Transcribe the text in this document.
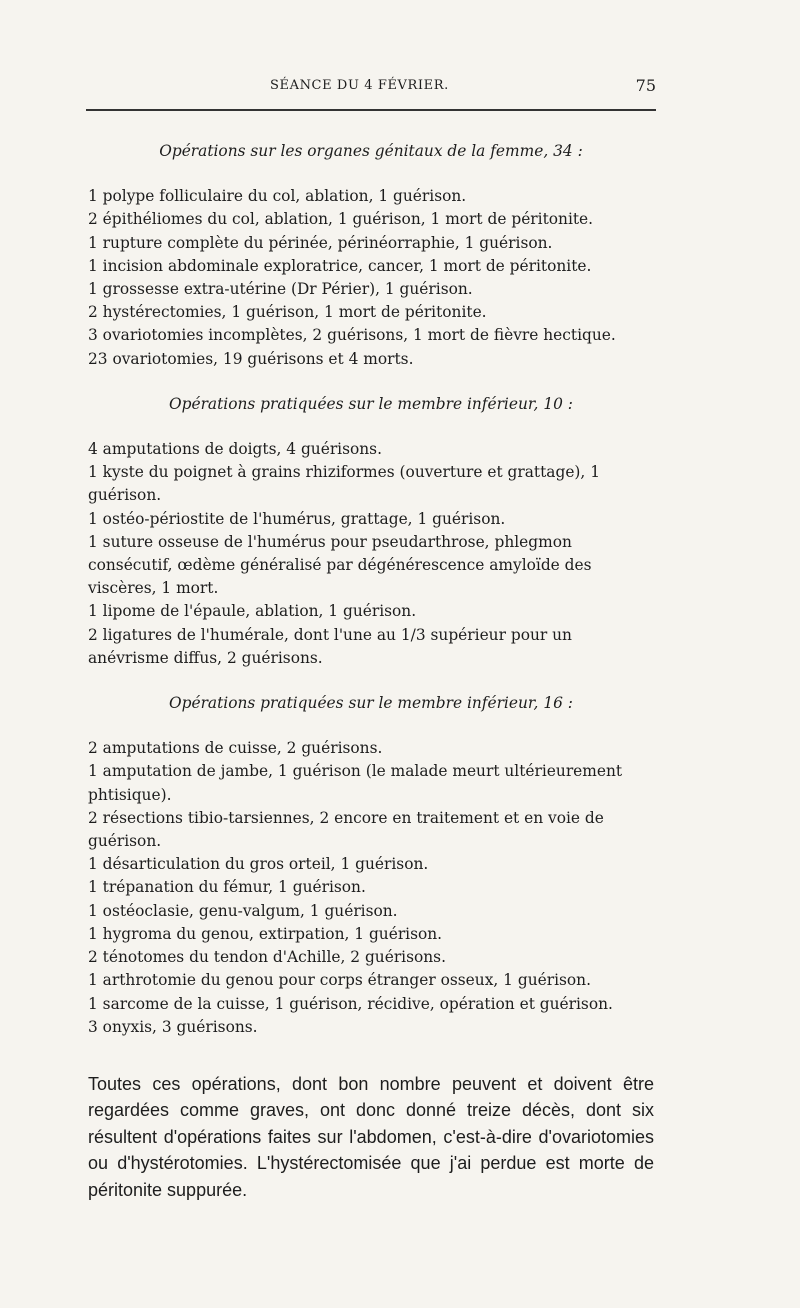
SÉANCE DU 4 FÉVRIER.	75

Opérations sur les organes génitaux de la femme, 34 :

1 polype folliculaire du col, ablation, 1 guérison.

2 épithéliomes du col, ablation, 1 guérison, 1 mort de péritonite.

1 rupture complète du périnée, périnéorraphie, 1 guérison.

1 incision abdominale exploratrice, cancer, 1 mort de péritonite.

1 grossesse extra-utérine (Dr Périer), 1 guérison.

2 hystérectomies, 1 guérison, 1 mort de péritonite.

3 ovariotomies incomplètes, 2 guérisons, 1 mort de fièvre hectique.

23 ovariotomies, 19 guérisons et 4 morts.

Opérations pratiquées sur le membre inférieur, 10 :

4 amputations de doigts, 4 guérisons.

1 kyste du poignet à grains rhiziformes (ouverture et grattage), 1 guérison.

1 ostéo-périostite de l'humérus, grattage, 1 guérison.

1 suture osseuse de l'humérus pour pseudarthrose, phlegmon consécutif, œdème généralisé par dégénérescence amyloïde des viscères, 1 mort.

1 lipome de l'épaule, ablation, 1 guérison.

2 ligatures de l'humérale, dont l'une au 1/3 supérieur pour un anévrisme diffus, 2 guérisons.

Opérations pratiquées sur le membre inférieur, 16 :

2 amputations de cuisse, 2 guérisons.

1 amputation de jambe, 1 guérison (le malade meurt ultérieurement phtisique).

2 résections tibio-tarsiennes, 2 encore en traitement et en voie de guérison.

1 désarticulation du gros orteil, 1 guérison.

1 trépanation du fémur, 1 guérison.

1 ostéoclasie, genu-valgum, 1 guérison.

1 hygroma du genou, extirpation, 1 guérison.

2 ténotomes du tendon d'Achille, 2 guérisons.

1 arthrotomie du genou pour corps étranger osseux, 1 guérison.

1 sarcome de la cuisse, 1 guérison, récidive, opération et guérison.

3 onyxis, 3 guérisons.

Toutes ces opérations, dont bon nombre peuvent et doivent être regardées comme graves, ont donc donné treize décès, dont six résultent d'opérations faites sur l'abdomen, c'est-à-dire d'ovariotomies ou d'hystérotomies. L'hystérectomisée que j'ai perdue est morte de péritonite suppurée.
